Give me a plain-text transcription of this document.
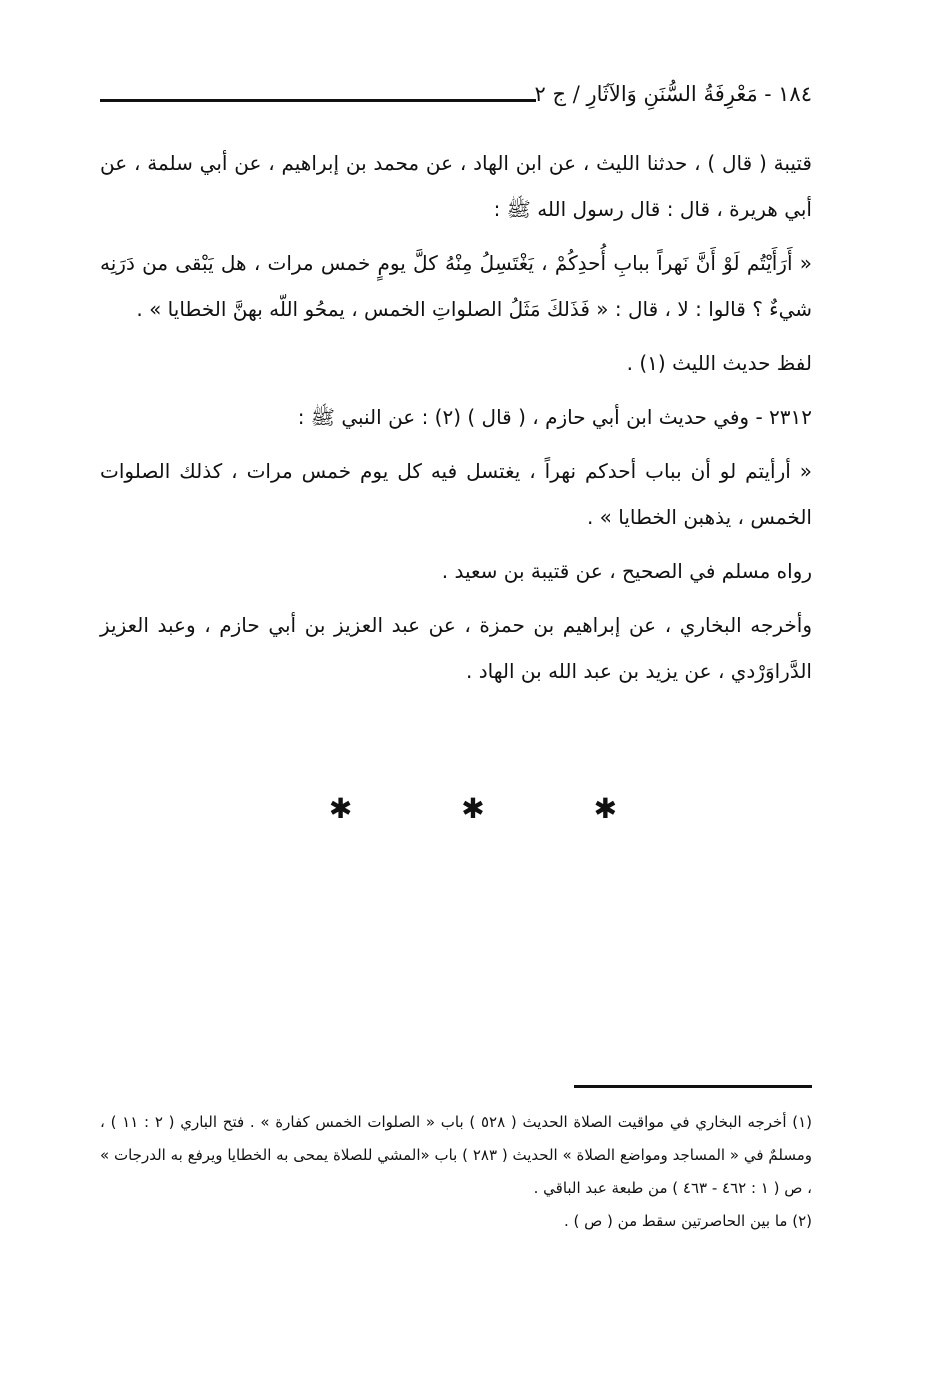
١٨٤ - مَعْرِفَةُ السُّنَنِ وَالآثَارِ / ج ٢

قتيبة ( قال ) ، حدثنا الليث ، عن ابن الهاد ، عن محمد بن إبراهيم ، عن أبي سلمة ، عن أبي هريرة ، قال : قال رسول الله ﷺ :

« أَرَأَيْتُم لَوْ أَنَّ نَهراً ببابِ أُحدِكُمْ ، يَغْتَسِلُ مِنْهُ كلَّ يومٍ خمس مرات ، هل يَبْقى من دَرَنِه شيءٌ ؟ قالوا : لا ، قال : « فَذَلكَ مَثَلُ الصلواتِ الخمس ، يمحُو اللّه بهنَّ الخطايا » .

لفظ حديث الليث (١) .

٢٣١٢ - وفي حديث ابن أبي حازم ، ( قال ) (٢) : عن النبي ﷺ :

« أرأيتم لو أن بباب أحدكم نهراً ، يغتسل فيه كل يوم خمس مرات ، كذلك الصلوات الخمس ، يذهبن الخطايا » .

رواه مسلم في الصحيح ، عن قتيبة بن سعيد .

وأخرجه البخاري ، عن إبراهيم بن حمزة ، عن عبد العزيز بن أبي حازم ، وعبد العزيز الدَّراوَرْدي ، عن يزيد بن عبد الله بن الهاد .

✱ ✱ ✱

(١) أخرجه البخاري في مواقيت الصلاة الحديث ( ٥٢٨ ) باب « الصلوات الخمس كفارة » . فتح الباري ( ٢ : ١١ ) ، ومسلمٌ في « المساجد ومواضع الصلاة » الحديث ( ٢٨٣ ) باب «المشي للصلاة يمحى به الخطايا ويرفع به الدرجات » ، ص ( ١ : ٤٦٢ - ٤٦٣ ) من طبعة عبد الباقي .

(٢) ما بين الحاصرتين سقط من ( ص ) .
